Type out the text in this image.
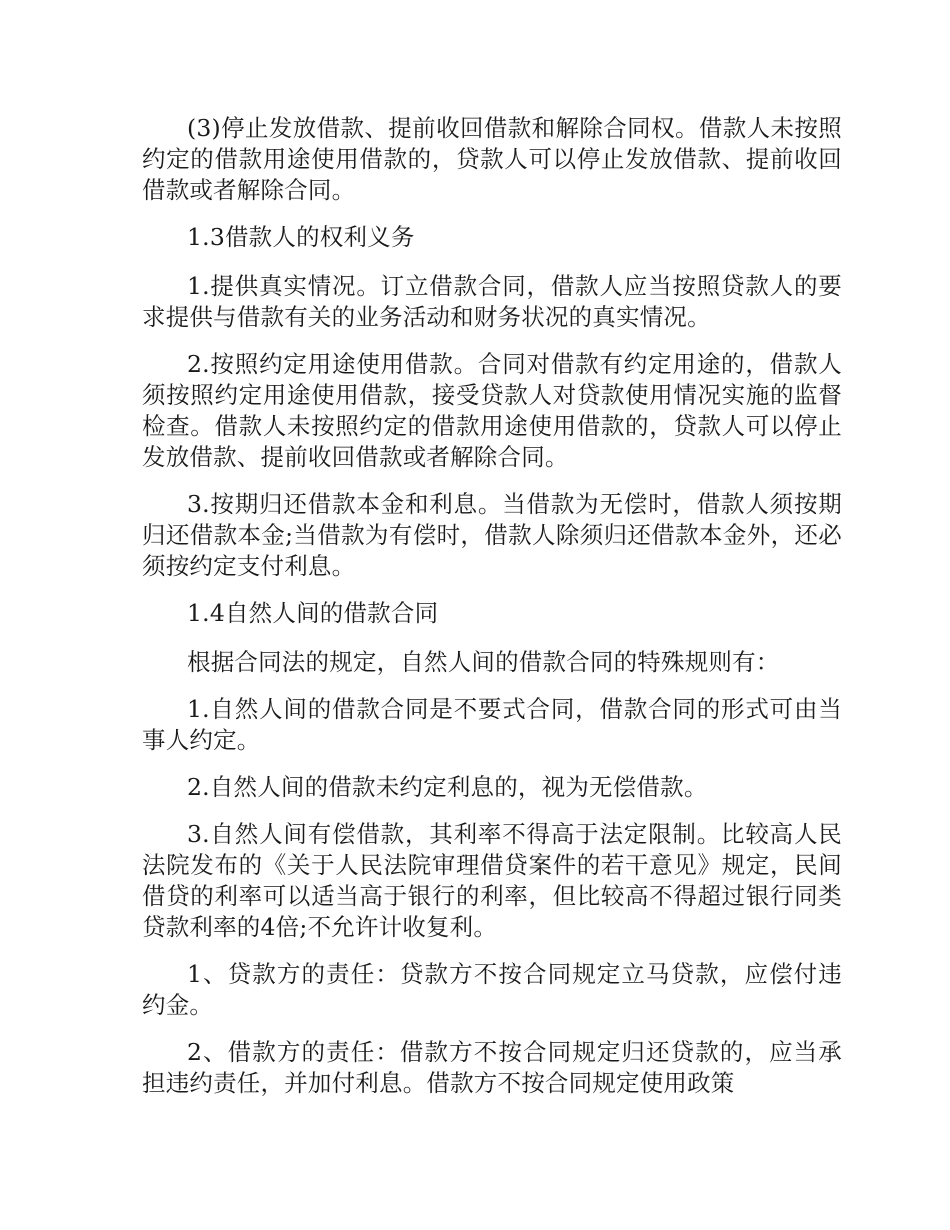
(3)停止发放借款、提前收回借款和解除合同权。借款人未按照约定的借款用途使用借款的，贷款人可以停止发放借款、提前收回借款或者解除合同。

1.3借款人的权利义务

1.提供真实情况。订立借款合同，借款人应当按照贷款人的要求提供与借款有关的业务活动和财务状况的真实情况。

2.按照约定用途使用借款。合同对借款有约定用途的，借款人须按照约定用途使用借款，接受贷款人对贷款使用情况实施的监督检查。借款人未按照约定的借款用途使用借款的，贷款人可以停止发放借款、提前收回借款或者解除合同。

3.按期归还借款本金和利息。当借款为无偿时，借款人须按期归还借款本金;当借款为有偿时，借款人除须归还借款本金外，还必须按约定支付利息。

1.4自然人间的借款合同

根据合同法的规定，自然人间的借款合同的特殊规则有：

1.自然人间的借款合同是不要式合同，借款合同的形式可由当事人约定。

2.自然人间的借款未约定利息的，视为无偿借款。

3.自然人间有偿借款，其利率不得高于法定限制。比较高人民法院发布的《关于人民法院审理借贷案件的若干意见》规定，民间借贷的利率可以适当高于银行的利率，但比较高不得超过银行同类贷款利率的4倍;不允许计收复利。

1、贷款方的责任：贷款方不按合同规定立马贷款，应偿付违约金。

2、借款方的责任：借款方不按合同规定归还贷款的，应当承担违约责任，并加付利息。借款方不按合同规定使用政策
